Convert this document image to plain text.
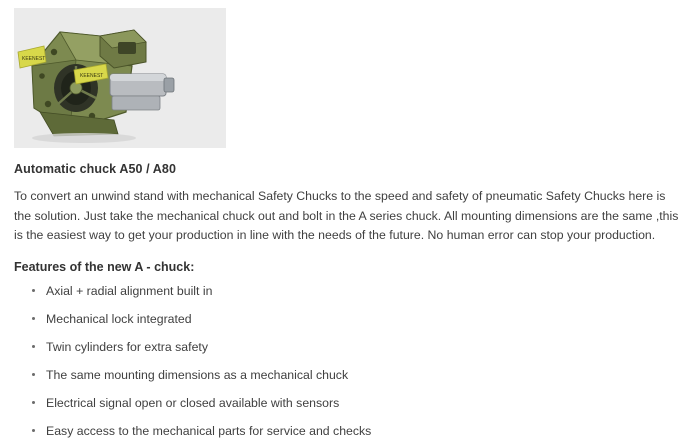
KEENEST
KEENEST
Automatic chuck A50 / A80

To convert an unwind stand with mechanical Safety Chucks to the speed and safety of pneumatic Safety Chucks here is the solution. Just take the mechanical chuck out and bolt in the A series chuck. All mounting dimensions are the same ,this is the easiest way to get your production in line with the needs of the future. No human error can stop your production.

Features of the new A - chuck:
Axial + radial alignment built in
Mechanical lock integrated
Twin cylinders for extra safety
The same mounting dimensions as a mechanical chuck
Electrical signal open or closed available with sensors
Easy access to the mechanical parts for service and checks
